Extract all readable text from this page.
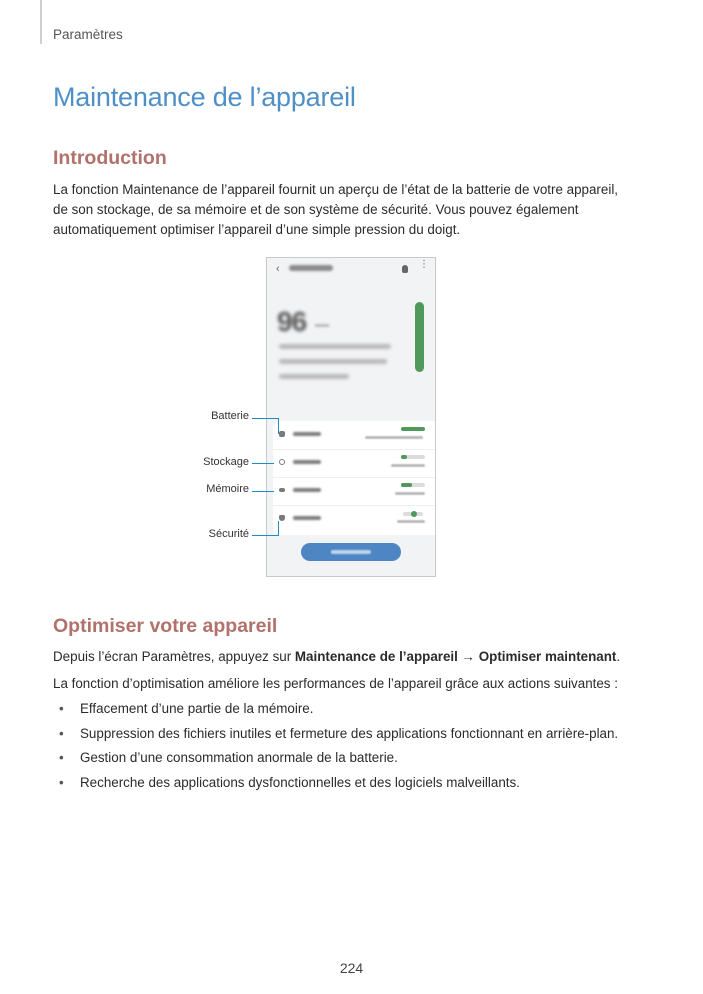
Paramètres
Maintenance de l’appareil
Introduction

La fonction Maintenance de l’appareil fournit un aperçu de l’état de la batterie de votre appareil, de son stockage, de sa mémoire et de son système de sécurité. Vous pouvez également automatiquement optimiser l’appareil d’une simple pression du doigt.

‹	⋮
96
Batterie
Stockage
Mémoire
Sécurité
Optimiser votre appareil

Depuis l’écran Paramètres, appuyez sur Maintenance de l’appareil → Optimiser maintenant.

La fonction d’optimisation améliore les performances de l’appareil grâce aux actions suivantes :

• Effacement d’une partie de la mémoire.
• Suppression des fichiers inutiles et fermeture des applications fonctionnant en arrière-plan.
• Gestion d’une consommation anormale de la batterie.
• Recherche des applications dysfonctionnelles et des logiciels malveillants.
224
